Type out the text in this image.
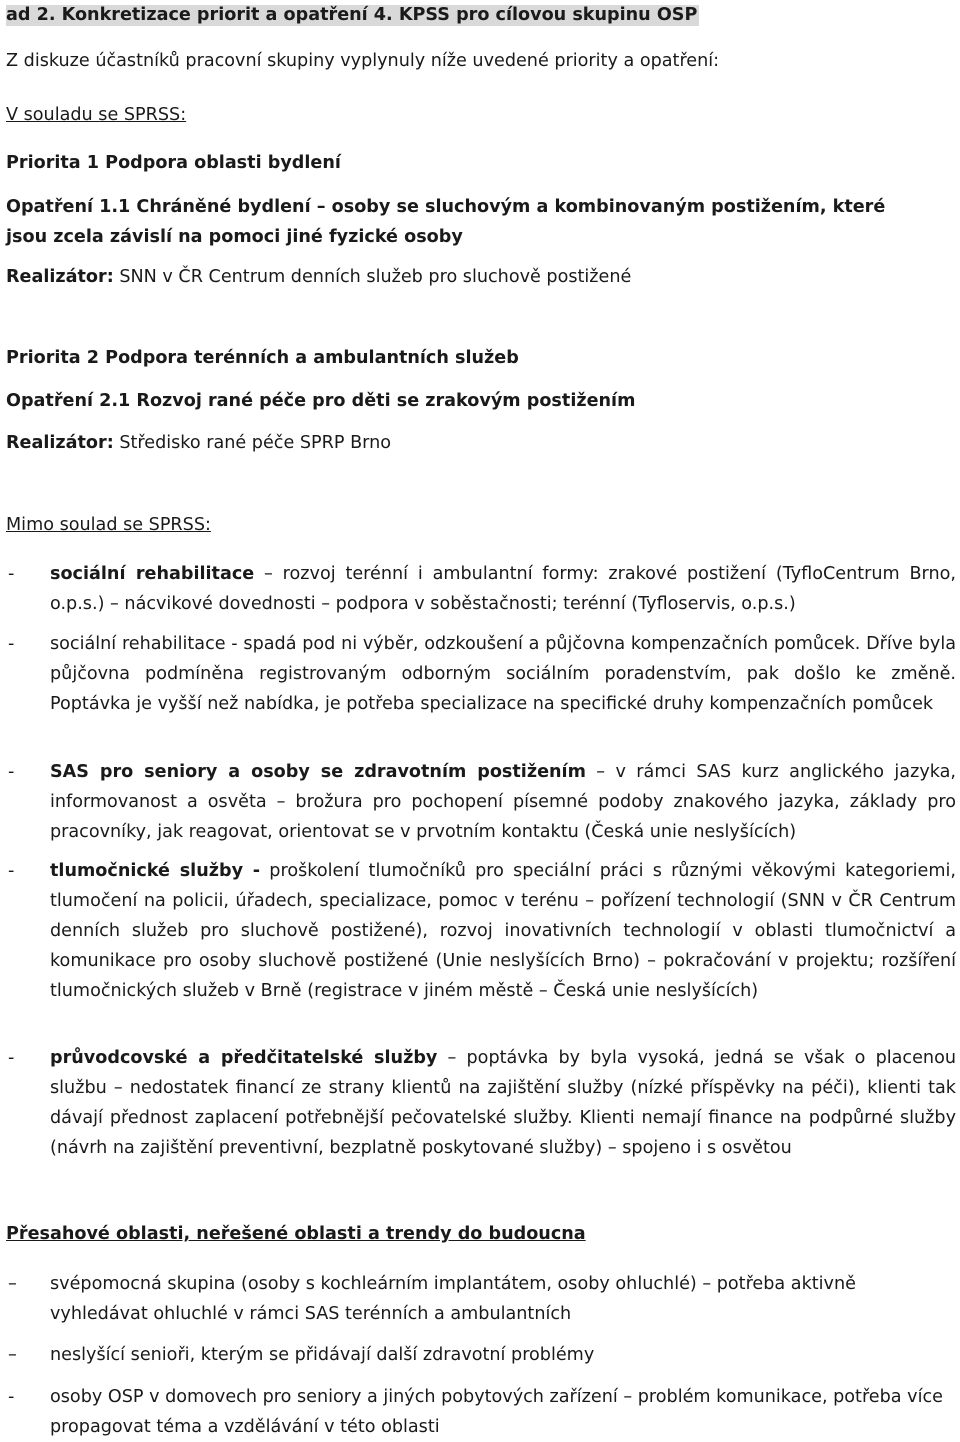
ad 2. Konkretizace priorit a opatření 4. KPSS pro cílovou skupinu OSP
Z diskuze účastníků pracovní skupiny vyplynuly níže uvedené priority a opatření:
V souladu se SPRSS:
Priorita 1 Podpora oblasti bydlení
Opatření 1.1 Chráněné bydlení – osoby se sluchovým a kombinovaným postižením, které
jsou zcela závislí na pomoci jiné fyzické osoby
Realizátor: SNN v ČR Centrum denních služeb pro sluchově postižené
Priorita 2 Podpora terénních a ambulantních služeb
Opatření 2.1 Rozvoj rané péče pro děti se zrakovým postižením
Realizátor: Středisko rané péče SPRP Brno
Mimo soulad se SPRSS:
- sociální rehabilitace – rozvoj terénní i ambulantní formy: zrakové postižení (TyfloCentrum Brno, o.p.s.) – nácvikové dovednosti – podpora v soběstačnosti; terénní (Tyfloservis, o.p.s.)
- sociální rehabilitace - spadá pod ni výběr, odzkoušení a půjčovna kompenzačních pomůcek. Dříve byla půjčovna podmíněna registrovaným odborným sociálním poradenstvím, pak došlo ke změně. Poptávka je vyšší než nabídka, je potřeba specializace na specifické druhy kompenzačních pomůcek
- SAS pro seniory a osoby se zdravotním postižením – v rámci SAS kurz anglického jazyka, informovanost a osvěta – brožura pro pochopení písemné podoby znakového jazyka, základy pro pracovníky, jak reagovat, orientovat se v prvotním kontaktu (Česká unie neslyšících)
- tlumočnické služby - proškolení tlumočníků pro speciální práci s různými věkovými kategoriemi, tlumočení na policii, úřadech, specializace, pomoc v terénu – pořízení technologií (SNN v ČR Centrum denních služeb pro sluchově postižené), rozvoj inovativních technologií v oblasti tlumočnictví a komunikace pro osoby sluchově postižené (Unie neslyšících Brno) – pokračování v projektu; rozšíření tlumočnických služeb v Brně (registrace v jiném městě – Česká unie neslyšících)
- průvodcovské a předčitatelské služby – poptávka by byla vysoká, jedná se však o placenou službu – nedostatek financí ze strany klientů na zajištění služby (nízké příspěvky na péči), klienti tak dávají přednost zaplacení potřebnější pečovatelské služby. Klienti nemají finance na podpůrné služby (návrh na zajištění preventivní, bezplatně poskytované služby) – spojeno i s osvětou
Přesahové oblasti, neřešené oblasti a trendy do budoucna
– svépomocná skupina (osoby s kochleárním implantátem, osoby ohluchlé) – potřeba aktivně vyhledávat ohluchlé v rámci SAS terénních a ambulantních
– neslyšící senioři, kterým se přidávají další zdravotní problémy
- osoby OSP v domovech pro seniory a jiných pobytových zařízení – problém komunikace, potřeba více propagovat téma a vzdělávání v této oblasti
